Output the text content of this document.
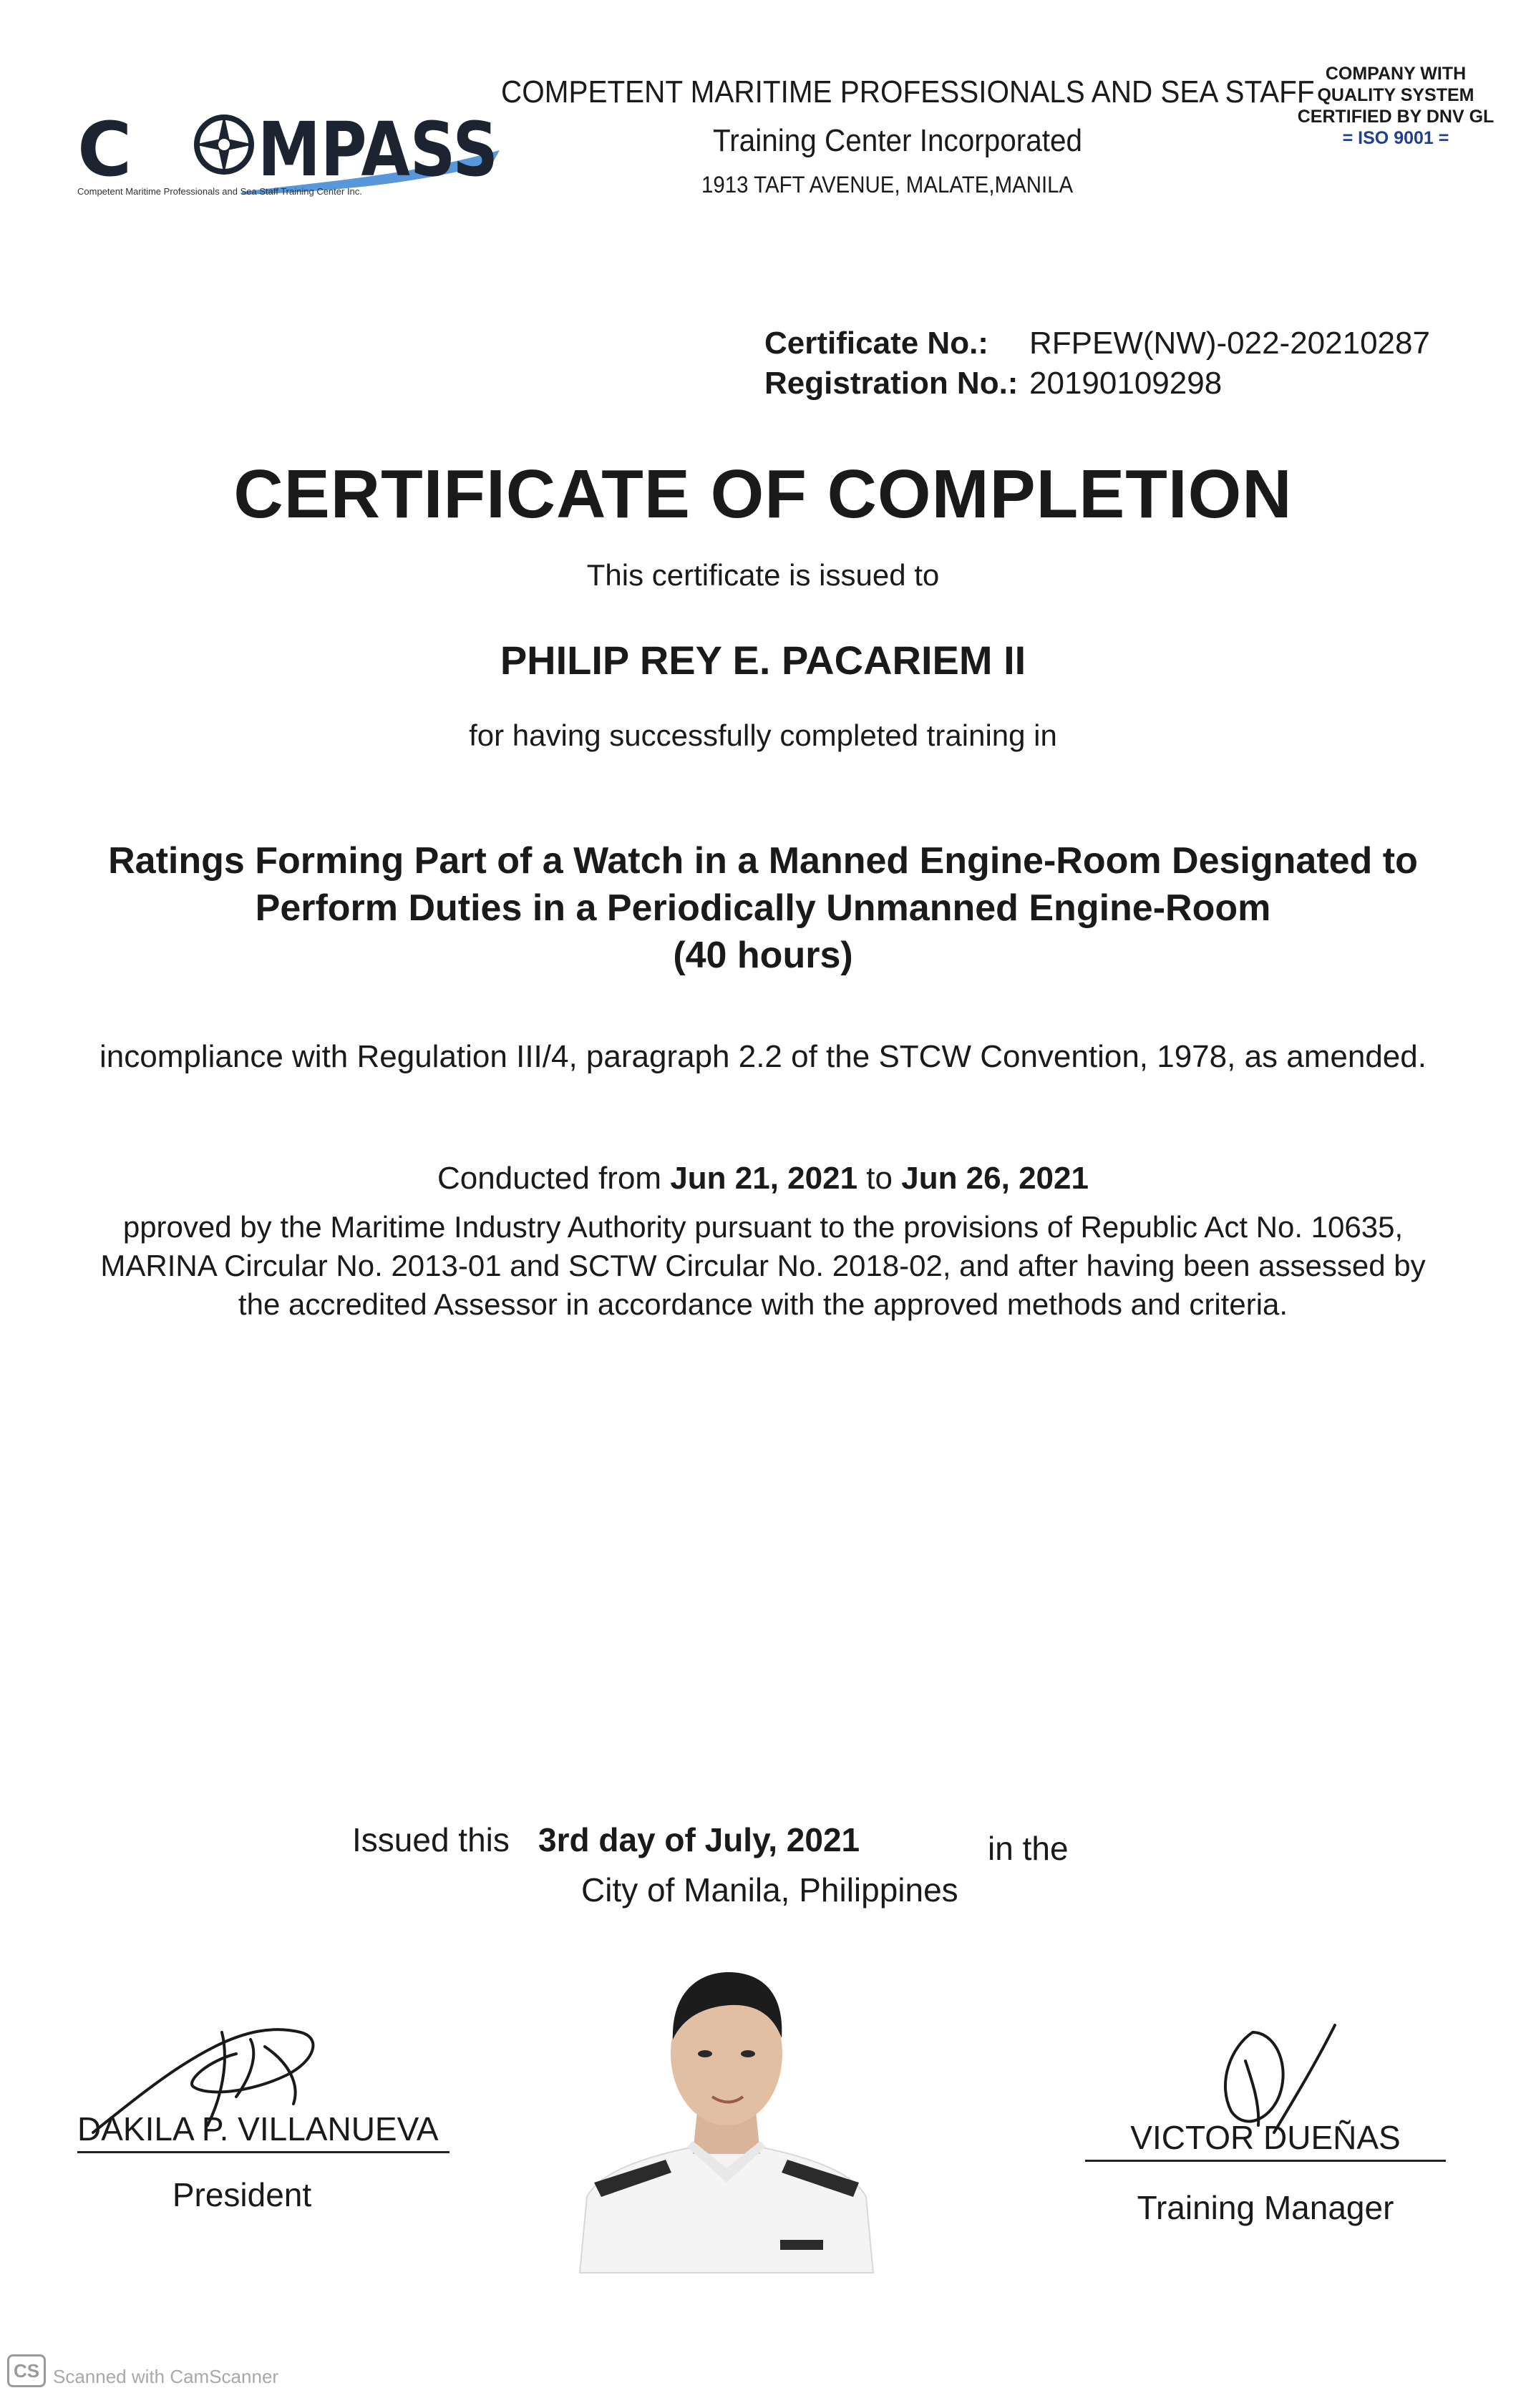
C MPASS
Competent Maritime Professionals and Sea Staff Training Center Inc.
COMPETENT MARITIME PROFESSIONALS AND SEA STAFF
Training Center Incorporated
1913 TAFT AVENUE, MALATE,MANILA
COMPANY WITH
QUALITY SYSTEM
CERTIFIED BY DNV GL
= ISO 9001 =
Certificate No.: RFPEW(NW)-022-20210287
Registration No.: 20190109298
CERTIFICATE OF COMPLETION
This certificate is issued to
PHILIP REY E. PACARIEM II
for having successfully completed training in
Ratings Forming Part of a Watch in a Manned Engine-Room Designated to
Perform Duties in a Periodically Unmanned Engine-Room
(40 hours)
incompliance with Regulation III/4, paragraph 2.2 of the STCW Convention, 1978, as amended.
Conducted from Jun 21, 2021 to Jun 26, 2021
pproved by the Maritime Industry Authority pursuant to the provisions of Republic Act No. 10635,
MARINA Circular No. 2013-01 and SCTW Circular No. 2018-02, and after having been assessed by
the accredited Assessor in accordance with the approved methods and criteria.
Issued this 3rd day of July, 2021	in the
City of Manila, Philippines
DAKILA P. VILLANUEVA
President
VICTOR DUEÑAS
Training Manager
CS Scanned with CamScanner
